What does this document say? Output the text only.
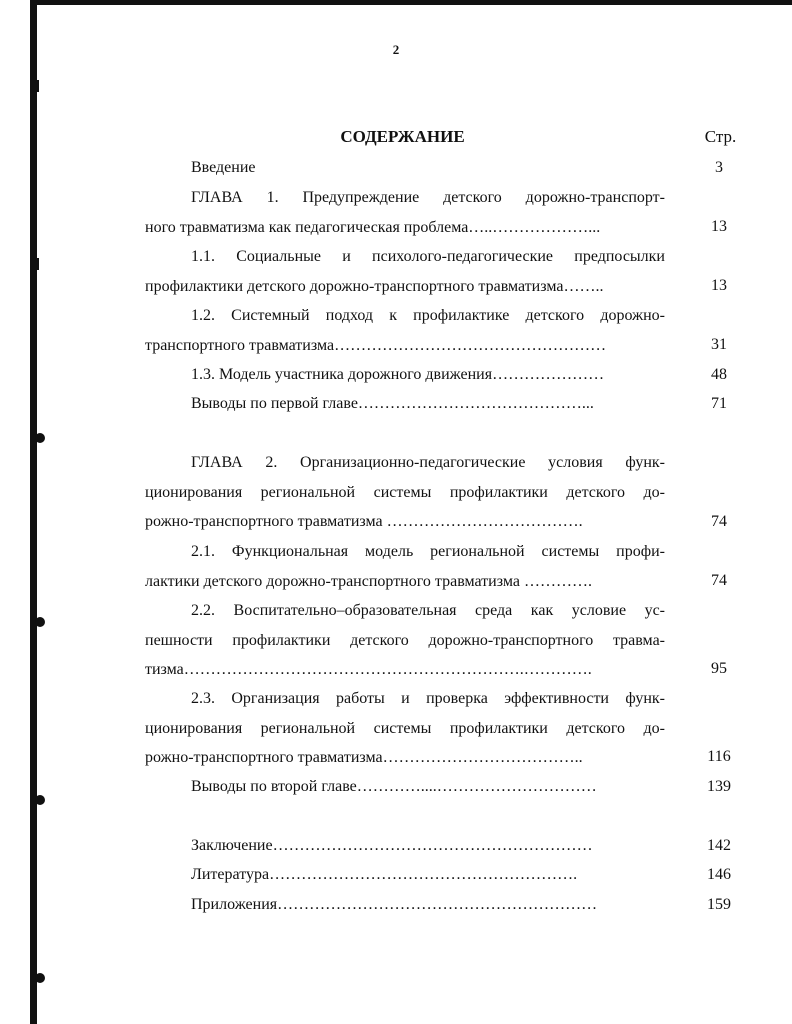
2
СОДЕРЖАНИЕ	Стр.
Введение	3
ГЛАВА 1. Предупреждение детского дорожно-транспорт-
ного травматизма как педагогическая проблема…..………………...	13
1.1. Социальные и психолого-педагогические предпосылки
профилактики детского дорожно-транспортного травматизма……..	13
1.2. Системный подход к профилактике детского дорожно-
транспортного травматизма……………………………………………	31
1.3. Модель участника дорожного движения…………………	48
Выводы по первой главе……………………………………...	71
ГЛАВА 2. Организационно-педагогические условия функ-
ционирования региональной системы профилактики детского до-
рожно-транспортного травматизма ……………………………….	74
2.1. Функциональная модель региональной системы профи-
лактики детского дорожно-транспортного травматизма ………….	74
2.2. Воспитательно–образовательная среда как условие ус-
пешности профилактики детского дорожно-транспортного травма-
тизма……………………………………………………….………….	95
2.3. Организация работы и проверка эффективности функ-
ционирования региональной системы профилактики детского до-
рожно-транспортного травматизма………………………………..	116
Выводы по второй главе…………....…………………………	139
Заключение……………………………………………………	142
Литература………………………………………………….	146
Приложения……………………………………………………	159
